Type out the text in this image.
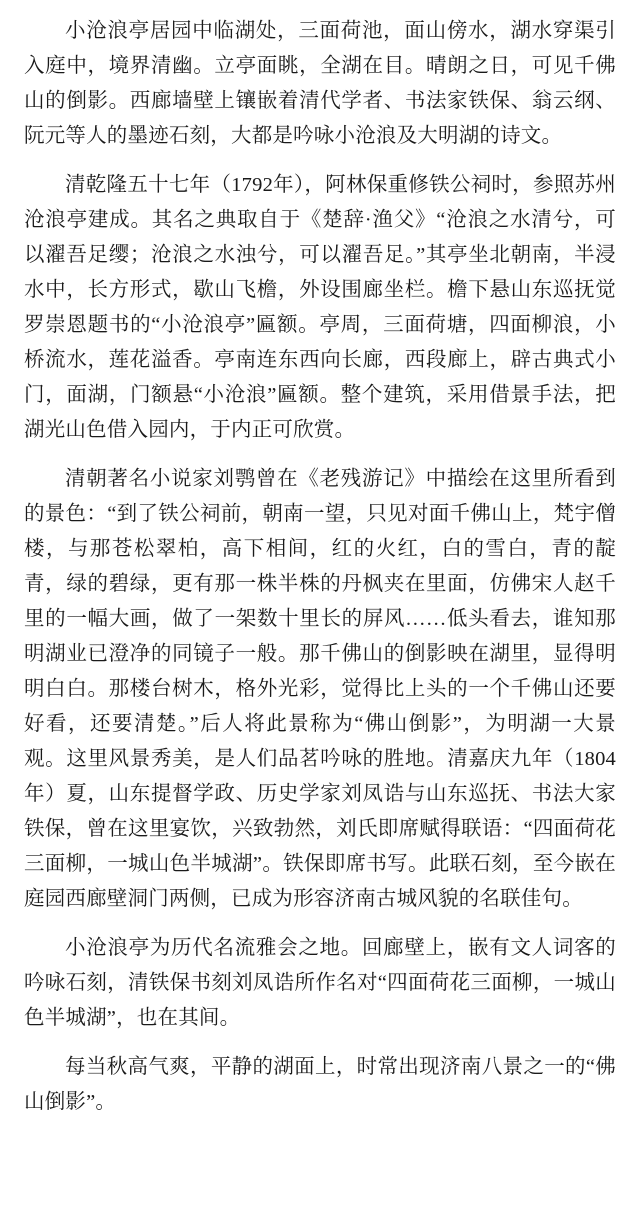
小沧浪亭居园中临湖处，三面荷池，面山傍水，湖水穿渠引入庭中，境界清幽。立亭面眺，全湖在目。晴朗之日，可见千佛山的倒影。西廊墙壁上镶嵌着清代学者、书法家铁保、翁云纲、阮元等人的墨迹石刻，大都是吟咏小沧浪及大明湖的诗文。

清乾隆五十七年（1792年），阿林保重修铁公祠时，参照苏州沧浪亭建成。其名之典取自于《楚辞·渔父》“沧浪之水清兮，可以濯吾足缨；沧浪之水浊兮，可以濯吾足。”其亭坐北朝南，半浸水中，长方形式，歇山飞檐，外设围廊坐栏。檐下悬山东巡抚觉罗崇恩题书的“小沧浪亭”匾额。亭周，三面荷塘，四面柳浪，小桥流水，莲花溢香。亭南连东西向长廊，西段廊上，辟古典式小门，面湖，门额悬“小沧浪”匾额。整个建筑，采用借景手法，把湖光山色借入园内，于内正可欣赏。

清朝著名小说家刘鹗曾在《老残游记》中描绘在这里所看到的景色：“到了铁公祠前，朝南一望，只见对面千佛山上，梵宇僧楼，与那苍松翠柏，高下相间，红的火红，白的雪白，青的靛青，绿的碧绿，更有那一株半株的丹枫夹在里面，仿佛宋人赵千里的一幅大画，做了一架数十里长的屏风……低头看去，谁知那明湖业已澄净的同镜子一般。那千佛山的倒影映在湖里，显得明明白白。那楼台树木，格外光彩，觉得比上头的一个千佛山还要好看，还要清楚。”后人将此景称为“佛山倒影”，为明湖一大景观。这里风景秀美，是人们品茗吟咏的胜地。清嘉庆九年（1804年）夏，山东提督学政、历史学家刘凤诰与山东巡抚、书法大家铁保，曾在这里宴饮，兴致勃然，刘氏即席赋得联语：“四面荷花三面柳，一城山色半城湖”。铁保即席书写。此联石刻，至今嵌在庭园西廊壁洞门两侧，已成为形容济南古城风貌的名联佳句。

小沧浪亭为历代名流雅会之地。回廊壁上，嵌有文人词客的吟咏石刻，清铁保书刻刘凤诰所作名对“四面荷花三面柳，一城山色半城湖”，也在其间。

每当秋高气爽，平静的湖面上，时常出现济南八景之一的“佛山倒影”。
